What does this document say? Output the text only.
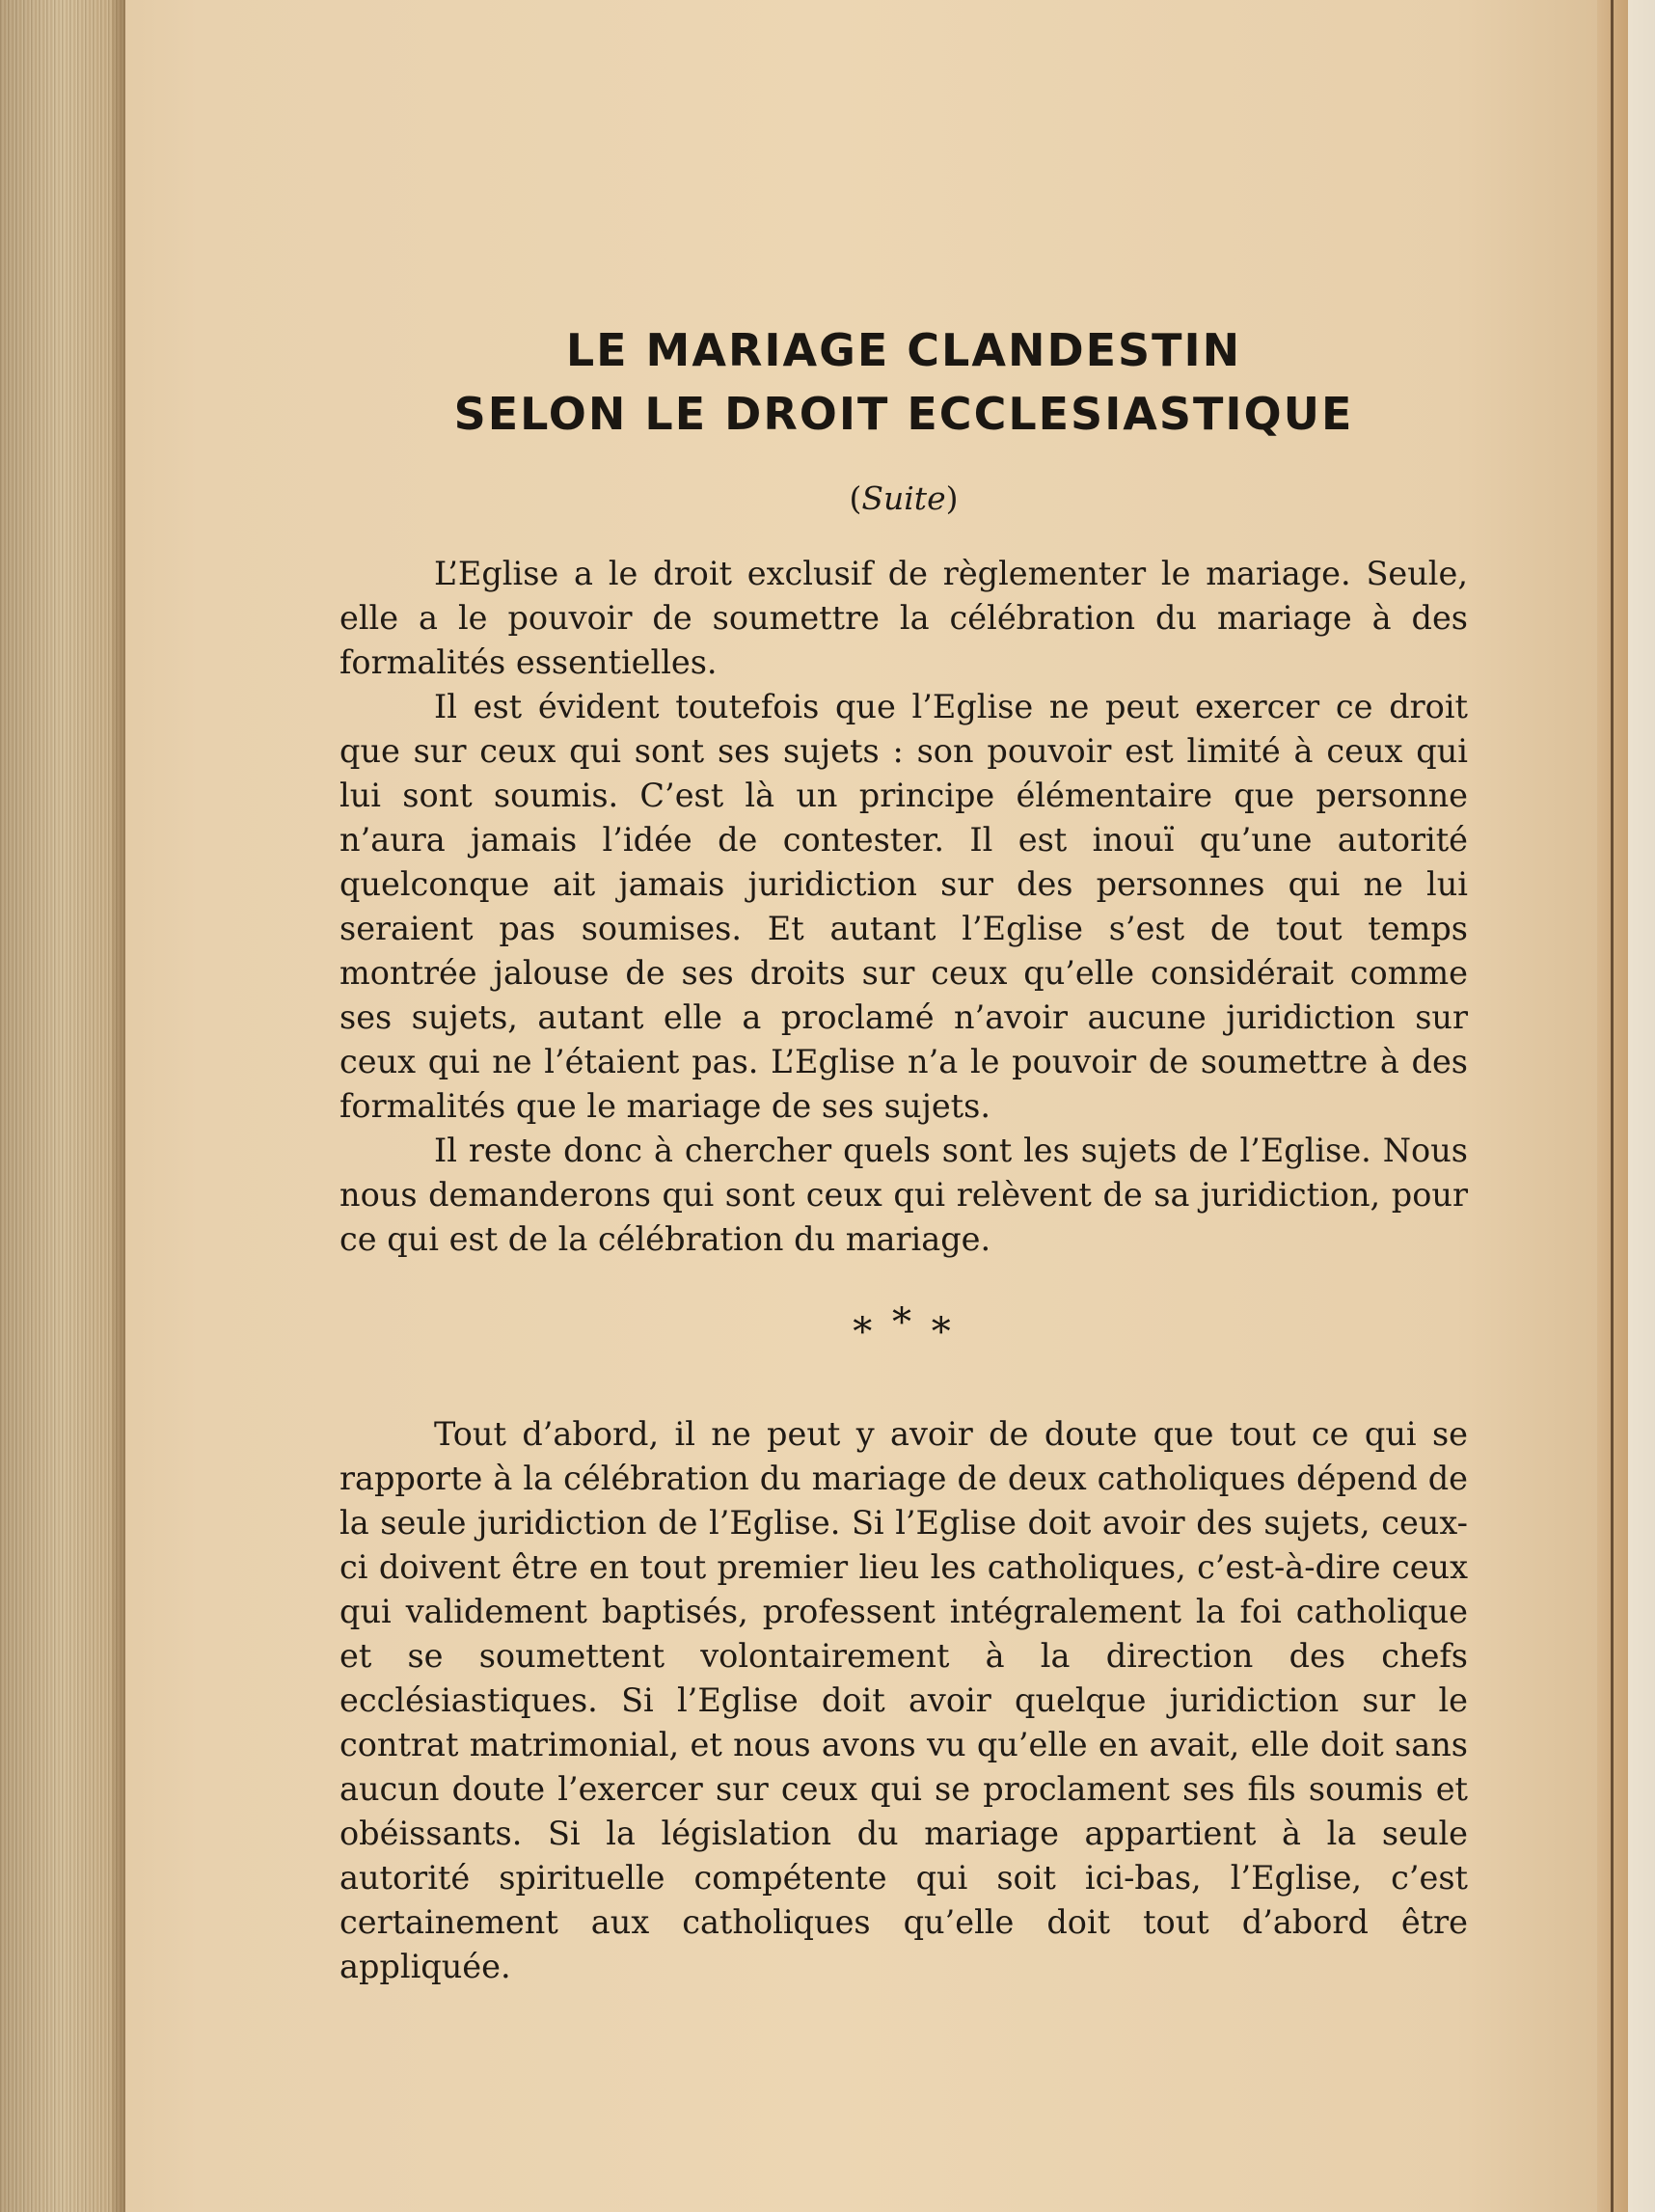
LE MARIAGE CLANDESTIN
SELON LE DROIT ECCLESIASTIQUE
(Suite)

L’Eglise a le droit exclusif de règlementer le mariage. Seule, elle a le pouvoir de soumettre la célébration du mariage à des formalités essentielles.

Il est évident toutefois que l’Eglise ne peut exercer ce droit que sur ceux qui sont ses sujets : son pouvoir est limité à ceux qui lui sont soumis. C’est là un principe élémentaire que personne n’aura jamais l’idée de contester. Il est inouï qu’une autorité quelconque ait jamais juridiction sur des personnes qui ne lui seraient pas soumises. Et autant l’Eglise s’est de tout temps montrée jalouse de ses droits sur ceux qu’elle considérait comme ses sujets, autant elle a proclamé n’avoir aucune juridiction sur ceux qui ne l’étaient pas. L’Eglise n’a le pouvoir de soumettre à des formalités que le mariage de ses sujets.

Il reste donc à chercher quels sont les sujets de l’Eglise. Nous nous demanderons qui sont ceux qui relèvent de sa juridiction, pour ce qui est de la célébration du mariage.

* * *

Tout d’abord, il ne peut y avoir de doute que tout ce qui se rapporte à la célébration du mariage de deux catholiques dépend de la seule juridiction de l’Eglise. Si l’Eglise doit avoir des sujets, ceux-ci doivent être en tout premier lieu les catholiques, c’est-à-dire ceux qui validement baptisés, professent intégralement la foi catholique et se soumettent volontairement à la direction des chefs ecclésiastiques. Si l’Eglise doit avoir quelque juridiction sur le contrat matrimonial, et nous avons vu qu’elle en avait, elle doit sans aucun doute l’exercer sur ceux qui se proclament ses fils soumis et obéissants. Si la législation du mariage appartient à la seule autorité spirituelle compétente qui soit ici-bas, l’Eglise, c’est certainement aux catholiques qu’elle doit tout d’abord être appliquée.
